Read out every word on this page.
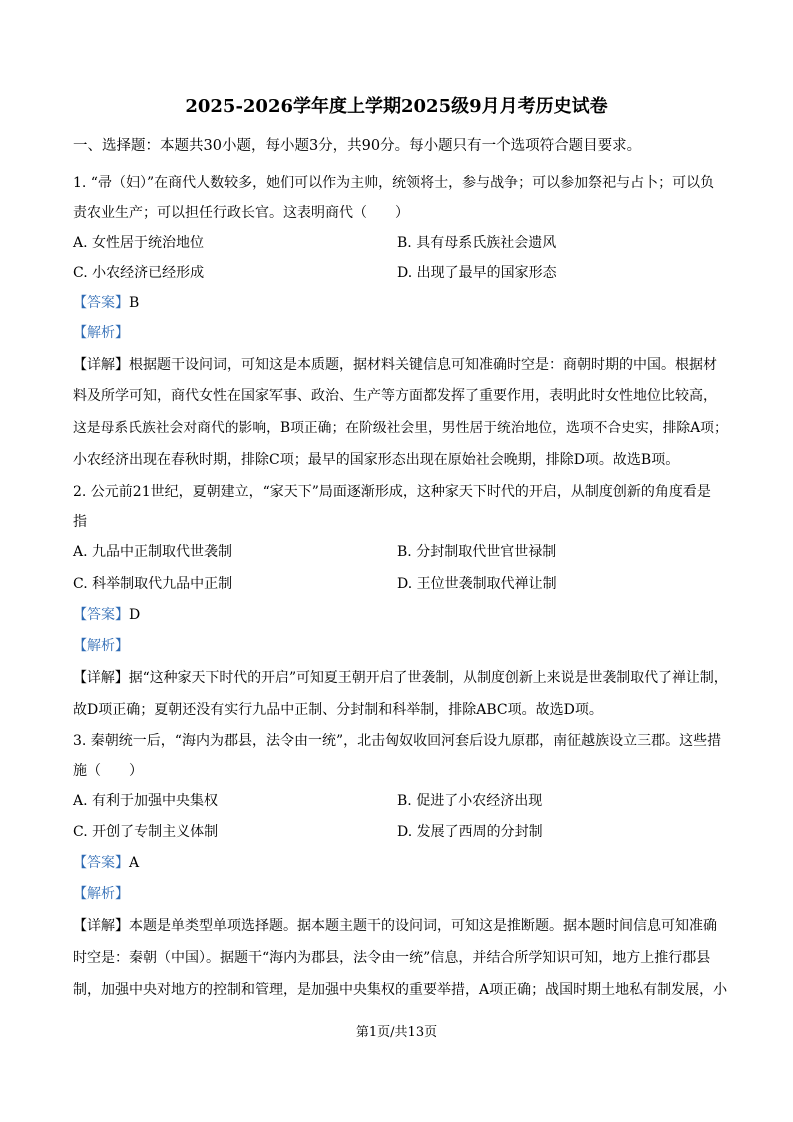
2025-2026学年度上学期2025级9月月考历史试卷
一、选择题：本题共30小题，每小题3分，共90分。每小题只有一个选项符合题目要求。
1. “帚（妇）”在商代人数较多，她们可以作为主帅，统领将士，参与战争；可以参加祭祀与占卜；可以负
责农业生产；可以担任行政长官。这表明商代（　　）
A. 女性居于统治地位	B. 具有母系氏族社会遗风
C. 小农经济已经形成	D. 出现了最早的国家形态
【答案】B
【解析】
【详解】根据题干设问词，可知这是本质题，据材料关键信息可知准确时空是：商朝时期的中国。根据材
料及所学可知，商代女性在国家军事、政治、生产等方面都发挥了重要作用，表明此时女性地位比较高，
这是母系氏族社会对商代的影响，B项正确；在阶级社会里，男性居于统治地位，选项不合史实，排除A项；
小农经济出现在春秋时期，排除C项；最早的国家形态出现在原始社会晚期，排除D项。故选B项。
2. 公元前21世纪，夏朝建立，“家天下”局面逐渐形成，这种家天下时代的开启，从制度创新的角度看是
指
A. 九品中正制取代世袭制	B. 分封制取代世官世禄制
C. 科举制取代九品中正制	D. 王位世袭制取代禅让制
【答案】D
【解析】
【详解】据“这种家天下时代的开启”可知夏王朝开启了世袭制，从制度创新上来说是世袭制取代了禅让制，
故D项正确；夏朝还没有实行九品中正制、分封制和科举制，排除ABC项。故选D项。
3. 秦朝统一后，“海内为郡县，法令由一统”，北击匈奴收回河套后设九原郡，南征越族设立三郡。这些措
施（　　）
A. 有利于加强中央集权	B. 促进了小农经济出现
C. 开创了专制主义体制	D. 发展了西周的分封制
【答案】A
【解析】
【详解】本题是单类型单项选择题。据本题主题干的设问词，可知这是推断题。据本题时间信息可知准确
时空是：秦朝（中国）。据题干“海内为郡县，法令由一统”信息，并结合所学知识可知，地方上推行郡县
制，加强中央对地方的控制和管理，是加强中央集权的重要举措，A项正确；战国时期土地私有制发展，小
第1页/共13页
